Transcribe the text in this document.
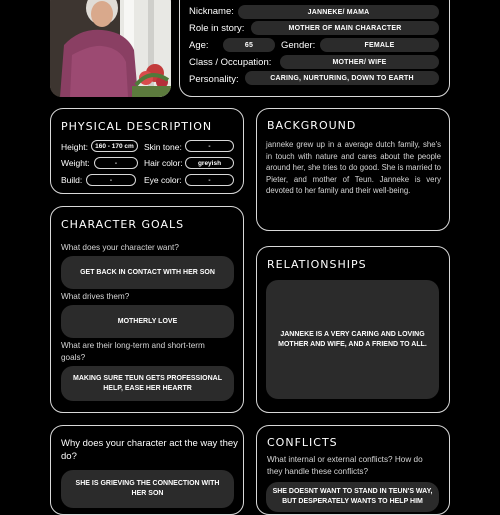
Nickname:	JANNEKE/ MAMA
Role in story:	MOTHER OF MAIN CHARACTER
Age:	65	Gender:	FEMALE
Class / Occupation:	MOTHER/ WIFE
Personality:	CARING, NURTURING, DOWN TO EARTH
PHYSICAL DESCRIPTION
Height:	160 - 170 cm	Skin tone:	-
Weight:	-	Hair color:	greyish
Build:	-	Eye color:	-
BACKGROUND
janneke grew up in a average dutch family, she's in touch with nature and cares about the people around her, she tries to do good. She is married to Pieter, and mother of Teun. Janneke is very devoted to her family and their well-being.
CHARACTER GOALS
What does your character want?
GET BACK IN CONTACT WITH HER SON
What drives them?
MOTHERLY LOVE
What are their long-term and short-term goals?
MAKING SURE TEUN GETS PROFESSIONAL HELP, EASE HER HEARTR
RELATIONSHIPS
JANNEKE IS A VERY CARING AND LOVING MOTHER AND WIFE, AND A FRIEND TO ALL.
Why does your character act the way they do?
SHE IS GRIEVING THE CONNECTION WITH HER SON
CONFLICTS
What internal or external conflicts? How do they handle these conflicts?
SHE DOESNT WANT TO STAND IN TEUN'S WAY, BUT DESPERATELY WANTS TO HELP HIM
